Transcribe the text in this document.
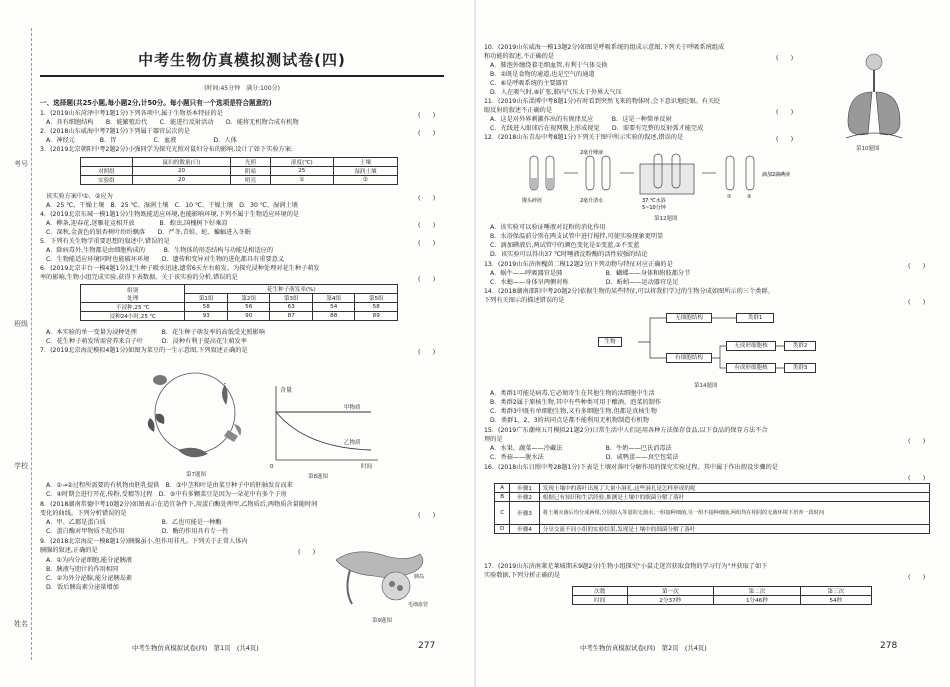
考号
班级
学校
姓名
中考生物仿真模拟测试卷(四)
(时间:45分钟　满分:100分)
一、选择题(共25小题,每小题2分,计50分。每小题只有一个选项是符合题意的)
1．(2019山东菏泽中考1题1分)下列各项中,属于生物基本特征的是	(　　)
A．具有细胞结构　　B．能繁殖后代　　C．能进行反射活动　　D．能将无机物合成有机物
2．(2018山东威海中考7题1分)下列属于器官层次的是	(　　)
A．神经元　　　　B．胃　　　　　　C．血液　　　　　　D．人体
3．(2019北京朝阳中考2题2分)小强同学为探究光照对鼠妇分布的影响,设计了如下实验方案:
	鼠妇的数量(只)	光照	湿度(℃)	土壤
对照组	20	阴暗	25	湿润土壤
实验组	20	明亮	①	②
该实验方案中①、②应为	(　　)
A．25 ℃、干燥土壤　B．25 ℃、湿润土壤　C．10 ℃、干燥土壤　D．30 ℃、湿润土壤
4．(2019北京东城一模1题1分)生物既能适应环境,也能影响环境,下列不属于生物适应环境的是
(　　)
A．柳条,迎春花,迷雁花竞相开放　　　　B．蝗虫,国槐树下好乘凉
C．深秋,金黄色的银杏树叶纷纷飘落　　D．严冬,青蛙、蛇、蝙蝠进入冬眠
5．下列有关生物学重要思想的叙述中,错误的是	(　　)
A．除病毒外,生物都是由细胞构成的　　　B．生物体的形态结构与功能是相适应的
C．生物能适应环境同时也能破坏环境　　D．遗传和变异对生物的进化都具有重要意义
6．(2019北京丰台一模4题1分)北生种子吸水迅速,遗常6天左右萌发。为探究浸种处理对花生种子萌发
率的影响,生物小组完成实验,获得下表数据。关于该实验的分析,错误的是	(　　)
组别
处理	花生种子萌发率(%)				
	第1组	第2组	第3组	第4组	第5组
不浸种,25 ℃	58	56	63	54	58
浸种24小时,25 ℃	93	90	87	88	89
A．本实验的单一变量为浸种处理　　　　B．花生种子萌发率的高低受光照影响
C．花生种子萌发所需营养来自子叶　　　D．浸种有利于提高花生萌发率
7．(2019北京海淀模拟4题1分)如图为菜豆的一生示意图,下列叙述正确的是	(　　)
第7题图
含量
甲物质
乙物质
时间
0
第8题图
A．①→②过程所需要的有机物由胚乳提供　B．③中茎和叶是由菜豆种子中的胚轴发育而来
C．④时期会进行开花,传粉,受精等过程　D．⑤中有多颗菜豆是因为一朵花中有多个子房
8．(2018湖南常德中考10题2分)如图表示在适宜条件下,用蛋白酶处理甲,乙物质后,两物质含量随时间
变化的曲线。下列分析错误的是	(　　)
A．甲、乙都是蛋白质　　　　　　　　　B．乙也可能是一种酶
C．蛋白酶对甲物质不起作用　　　　　　D．酶的作用具有专一性
9．(2018北京海淀一模8题1分)胰腺虽小,但作用非凡。下列关于正常人体内
胰腺的叙述,正确的是	(　　)
A．①为内分泌细胞,能分泌胰液
B．胰液与胆汁的作用相同
C．②为外分泌腺,能分泌胰岛素
D．饭后胰岛素分泌量增加
胰岛
毛细血管
第9题图
中考生物仿真模拟试卷(四)　第1页　(共4页)	277
10．(2019山东威海一模13题2分)如图是呼吸系统的组成示意图,下列关于呼吸系统组成
和功能的叙述,不正确的是	(　　)
A．肺泡外缠绕着毛细血管,有利于气体交换
B．②既是食物的通道,也是空气的通道
C．⑥是呼吸系统的主要器官
D．人在吸气时,⑥扩张,肺内气压大于外界大气压
第10题图
11．(2019山东淄博中考8题1分)有时看到突然飞来的物体时,会下意识地眨眼。有关眨
眼反射的叙述不正确的是	(　　)
A．这是对外界刺激作出的有规律反应　　　B．这是一种简单反射
C．光线进入眼球后在视网膜上形成视觉　　D．需要有完整的反射弧才能完成
12．(2018山东青岛中考8题1分)下列关于图中所示实验的叙述,错误的是	(　　)
馒头碎屑
2毫升唾液
2毫升清水	37 ℃水浴
5~10分钟
①	②
滴加2滴碘液
第12题图
A．该实验可以验证唾液对淀粉的消化作用
B．水浴保温前分别在两支试管中进行搅拌,可使实验现象更明显
C．滴加碘液后,两试管中的颜色变化是①变蓝,②不变蓝
D．该实验可以得出37 ℃时唾液淀粉酶的活性较强的结论
13．(2019山东济南槐荫二模12题2分)下列动物与特征对应正确的是	(　　)
A．蜗牛——呼吸器官是肺　　　　　　　B．蝴蝶——身体和附肢都分节
C．水螅——身体呈两侧对称　　　　　　D．蚯蚓——运动器官是足
14．(2018湖南邵阳中考20题2分)依据生物的某些特征,可以将我们学过的生物分成如图所示的三个类群。
下列有关图示的描述错误的是	(　　)
生物
无细胞结构	类群1
有细胞结构
无成形细胞核	类群2
有成形细胞核	类群3
第14题图
A．类群1可能是病毒,它必须寄生在其他生物的活细胞中生活
B．类群2属于原核生物,其中有些种类可用于酿酒、泡菜的制作
C．类群3中既有单细胞生物,又有多细胞生物,但都是真核生物
D．类群1、2、3的共同点是都不能利用无机物制造有机物
15．(2019广东潮州五月模拟21题2分)日常生活中人们运用各种方法保存食品,以下食品的保存方法不合
理的是	(　　)
A．水果、蔬菜——冷藏法　　　　　　　B．牛奶——巴氏消毒法
C．香菇——脱水法　　　　　　　　　　D．咸鸭蛋——真空包装法
16．(2018山东日照中考28题1分)下表是土壤对落叶分解作用的探究实验过程。其中属于作出假设步骤的是
(　　)
A	步骤1	发现土壤中的落叶出现了大量小洞孔,这些洞孔是怎样形成的呢
B	步骤2	根据已有知识和生活经验,推测是土壤中的细菌分解了落叶
C	步骤3	将土壤灭菌后均分成两组,分别加入等量的无菌水,一组接种细菌,另一组不接种细菌,两组均在相同的无菌环境下培养一段时间
D	步骤4	分享交流不同小组的实验结果,发现是土壤中的细菌分解了落叶
17．(2019山东济南莱芜莱城期末9题2分)生物小组探究"小鼠走迷宫获取食物的学习行为"并获取了如下
实验数据,下列分析正确的是	(　　)
次数	第一次	第二次	第三次
时间	2分37秒	1分46秒	54秒
中考生物仿真模拟试卷(四)　第2页　(共4页)	278
